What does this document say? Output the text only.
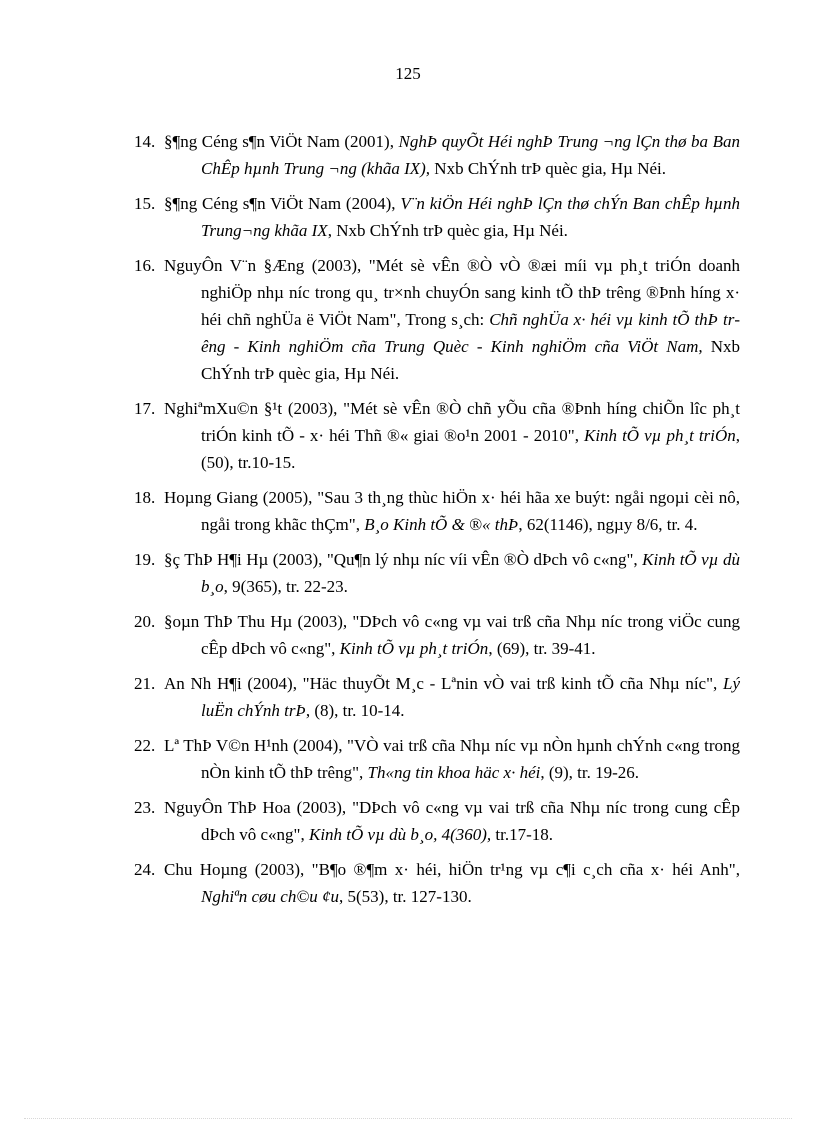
125
14. §¶ng Céng s¶n ViÖt Nam (2001), NghÞ quyÕt Héi nghÞ Trung ¬ng lÇn thø ba Ban ChÊp hµnh Trung ¬ng (khãa IX), Nxb ChÝnh trÞ quèc gia, Hµ Néi.
15. §¶ng Céng s¶n ViÖt Nam (2004), V¨n kiÖn Héi nghÞ lÇn thø chÝn Ban chÊp hµnh Trung¬ng khãa IX, Nxb ChÝnh trÞ quèc gia, Hµ Néi.
16. NguyÔn V¨n §Æng (2003), "Mét sè vÊn ®Ò vÒ ®æi míi vµ ph¸t triÓn doanh nghiÖp nhµ níc trong qu¸ tr×nh chuyÓn sang kinh tÕ thÞ trêng ®Þnh híng x· héi chñ nghÜa ë ViÖt Nam", Trong s¸ch: Chñ nghÜa x· héi vµ kinh tÕ thÞ trêng - Kinh nghiÖm cña Trung Quèc - Kinh nghiÖm cña ViÖt Nam, Nxb ChÝnh trÞ quèc gia, Hµ Néi.
17. NghiªmXu©n §¹t (2003), "Mét sè vÊn ®Ò chñ yÕu cña ®Þnh híng chiÕn lîc ph¸t triÓn kinh tÕ - x· héi Thñ ®« giai ®o¹n 2001 - 2010", Kinh tÕ vµ ph¸t triÓn, (50), tr.10-15.
18. Hoµng Giang (2005), "Sau 3 th¸ng thùc hiÖn x· héi hãa xe buýt: ngåi ngoµi cèi nô, ngåi trong khãc thÇm", B¸o Kinh tÕ & ®« thÞ, 62(1146), ngµy 8/6, tr. 4.
19. §ç ThÞ H¶i Hµ (2003), "Qu¶n lý nhµ níc víi vÊn ®Ò dÞch vô c«ng", Kinh tÕ vµ dù b¸o, 9(365), tr. 22-23.
20. §oµn ThÞ Thu Hµ (2003), "DÞch vô c«ng vµ vai trß cña Nhµ níc trong viÖc cung cÊp dÞch vô c«ng", Kinh tÕ vµ ph¸t triÓn, (69), tr. 39-41.
21. An Nh H¶i (2004), "Häc thuyÕt M¸c - Lªnin vÒ vai trß kinh tÕ cña Nhµ níc", Lý luËn chÝnh trÞ, (8), tr. 10-14.
22. Lª ThÞ V©n H¹nh (2004), "VÒ vai trß cña Nhµ níc vµ nÒn hµnh chÝnh c«ng trong nÒn kinh tÕ thÞ trêng", Th«ng tin khoa häc x· héi, (9), tr. 19-26.
23. NguyÔn ThÞ Hoa (2003), "DÞch vô c«ng vµ vai trß cña Nhµ níc trong cung cÊp dÞch vô c«ng", Kinh tÕ vµ dù b¸o, 4(360), tr.17-18.
24. Chu Hoµng (2003), "B¶o ®¶m x· héi, hiÖn tr¹ng vµ c¶i c¸ch cña x· héi Anh", Nghiªn cøu ch©u ¢u, 5(53), tr. 127-130.
